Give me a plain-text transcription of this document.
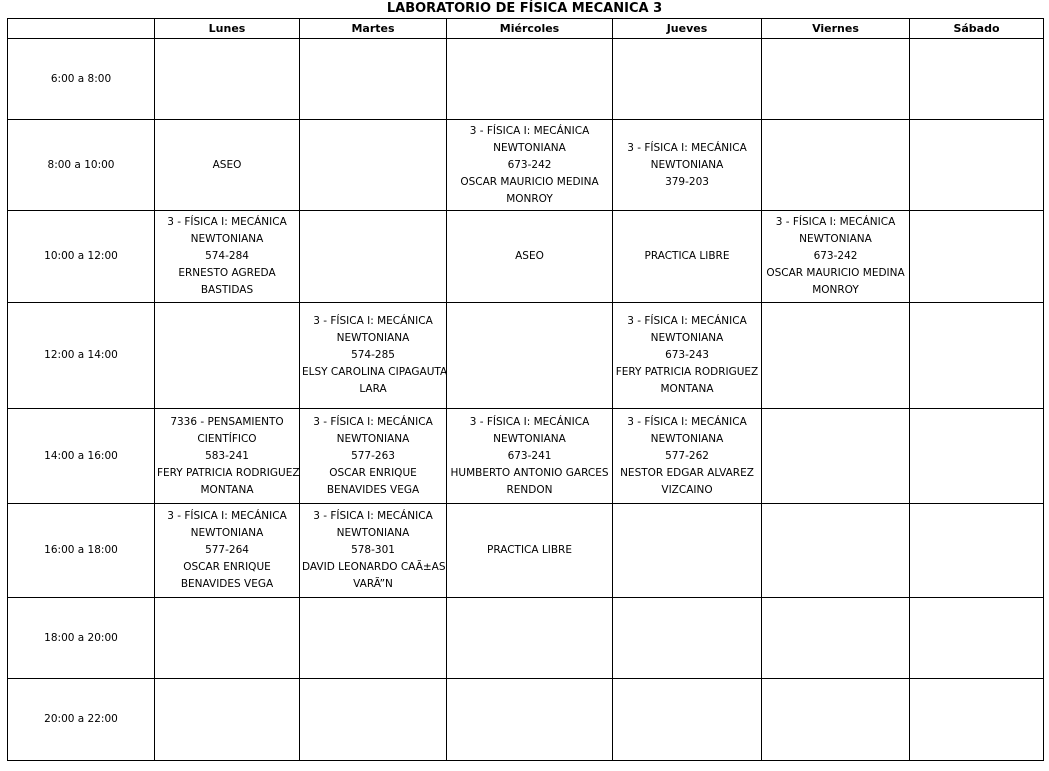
LABORATORIO DE FÍSICA MECANICA 3
	Lunes	Martes	Miércoles	Jueves	Viernes	Sábado
6:00 a 8:00						
8:00 a 10:00	ASEO		3 - FÍSICA I: MECÁNICA
NEWTONIANA
673-242
OSCAR MAURICIO MEDINA
MONROY	3 - FÍSICA I: MECÁNICA
NEWTONIANA
379-203		

10:00 a 12:00	3 - FÍSICA I: MECÁNICA
NEWTONIANA
574-284
ERNESTO AGREDA
BASTIDAS		ASEO	PRACTICA LIBRE	3 - FÍSICA I: MECÁNICA
NEWTONIANA
673-242
OSCAR MAURICIO MEDINA
MONROY	

12:00 a 14:00		3 - FÍSICA I: MECÁNICA
NEWTONIANA
574-285
ELSY CAROLINA CIPAGAUTA
LARA		3 - FÍSICA I: MECÁNICA
NEWTONIANA
673-243
FERY PATRICIA RODRIGUEZ
MONTANA		

14:00 a 16:00	7336 - PENSAMIENTO
CIENTÍFICO
583-241
FERY PATRICIA RODRIGUEZ
MONTANA	3 - FÍSICA I: MECÁNICA
NEWTONIANA
577-263
OSCAR ENRIQUE
BENAVIDES VEGA	3 - FÍSICA I: MECÁNICA
NEWTONIANA
673-241
HUMBERTO ANTONIO GARCES
RENDON	3 - FÍSICA I: MECÁNICA
NEWTONIANA
577-262
NESTOR EDGAR ALVAREZ
VIZCAINO		

16:00 a 18:00	3 - FÍSICA I: MECÁNICA
NEWTONIANA
577-264
OSCAR ENRIQUE
BENAVIDES VEGA	3 - FÍSICA I: MECÁNICA
NEWTONIANA
578-301
DAVID LEONARDO CAÃ±AS
VARÃ”N	PRACTICA LIBRE			

18:00 a 20:00						
20:00 a 22:00						
